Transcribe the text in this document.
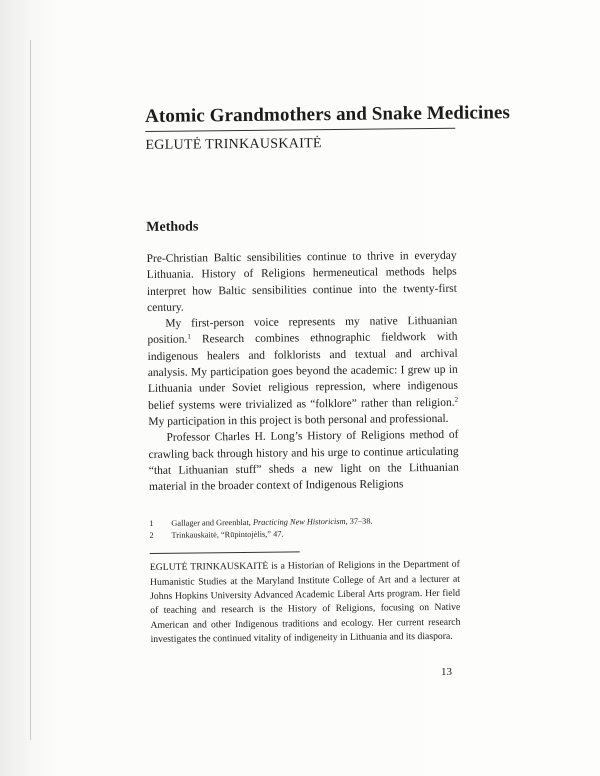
Atomic Grandmothers and Snake Medicines

EGLUTĖ TRINKAUSKAITĖ

Methods

Pre-Christian Baltic sensibilities continue to thrive in everyday Lithuania. History of Religions hermeneutical methods helps interpret how Baltic sensibilities continue into the twenty-first century.

My first-person voice represents my native Lithuanian position.$^1$ Research combines ethnographic fieldwork with indigenous healers and folklorists and textual and archival analysis. My participation goes beyond the academic: I grew up in Lithuania under Soviet religious repression, where indigenous belief systems were trivialized as “folklore” rather than religion.$^2$ My participation in this project is both personal and professional.

Professor Charles H. Long’s History of Religions method of crawling back through history and his urge to continue articulating “that Lithuanian stuff” sheds a new light on the Lithuanian material in the broader context of Indigenous Religions

1	Gallager and Greenblat, Practicing New Historicism, 37–38.
2	Trinkauskaitė, “Rūpintojėlis,” 47.

EGLUTĖ TRINKAUSKAITĖ is a Historian of Religions in the Department of Humanistic Studies at the Maryland Institute College of Art and a lecturer at Johns Hopkins University Advanced Academic Liberal Arts program. Her field of teaching and research is the History of Religions, focusing on Native American and other Indigenous traditions and ecology. Her current research investigates the continued vitality of indigeneity in Lithuania and its diaspora.

13
